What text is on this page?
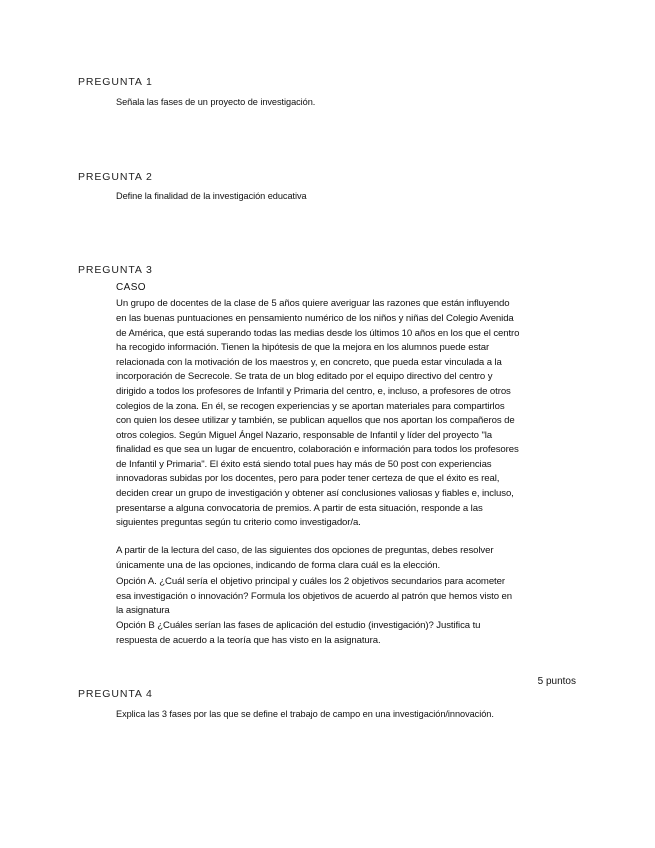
PREGUNTA 1
Señala las fases de un proyecto de investigación.
PREGUNTA 2
Define la finalidad de la investigación educativa
PREGUNTA 3
CASO
Un grupo de docentes de la clase de 5 años quiere averiguar las razones que están influyendo
en las buenas puntuaciones en pensamiento numérico de los niños y niñas del Colegio Avenida
de América, que está superando todas las medias desde los últimos 10 años en los que el centro
ha recogido información. Tienen la hipótesis de que la mejora en los alumnos puede estar
relacionada con la motivación de los maestros y, en concreto, que pueda estar vinculada a la
incorporación de Secrecole. Se trata de un blog editado por el equipo directivo del centro y
dirigido a todos los profesores de Infantil y Primaria del centro, e, incluso, a profesores de otros
colegios de la zona. En él, se recogen experiencias y se aportan materiales para compartirlos
con quien los desee utilizar y también, se publican aquellos que nos aportan los compañeros de
otros colegios. Según Miguel Ángel Nazario, responsable de Infantil y líder del proyecto "la
finalidad es que sea un lugar de encuentro, colaboración e información para todos los profesores
de Infantil y Primaria". El éxito está siendo total pues hay más de 50 post con experiencias
innovadoras subidas por los docentes, pero para poder tener certeza de que el éxito es real,
deciden crear un grupo de investigación y obtener así conclusiones valiosas y fiables e, incluso,
presentarse a alguna convocatoria de premios. A partir de esta situación, responde a las
siguientes preguntas según tu criterio como investigador/a.
A partir de la lectura del caso, de las siguientes dos opciones de preguntas, debes resolver
únicamente una de las opciones, indicando de forma clara cuál es la elección.
Opción A. ¿Cuál sería el objetivo principal y cuáles los 2 objetivos secundarios para acometer
esa investigación o innovación? Formula los objetivos de acuerdo al patrón que hemos visto en
la asignatura
Opción B ¿Cuáles serían las fases de aplicación del estudio (investigación)? Justifica tu
respuesta de acuerdo a la teoría que has visto en la asignatura.
5 puntos
PREGUNTA 4
Explica las 3 fases por las que se define el trabajo de campo en una investigación/innovación.
